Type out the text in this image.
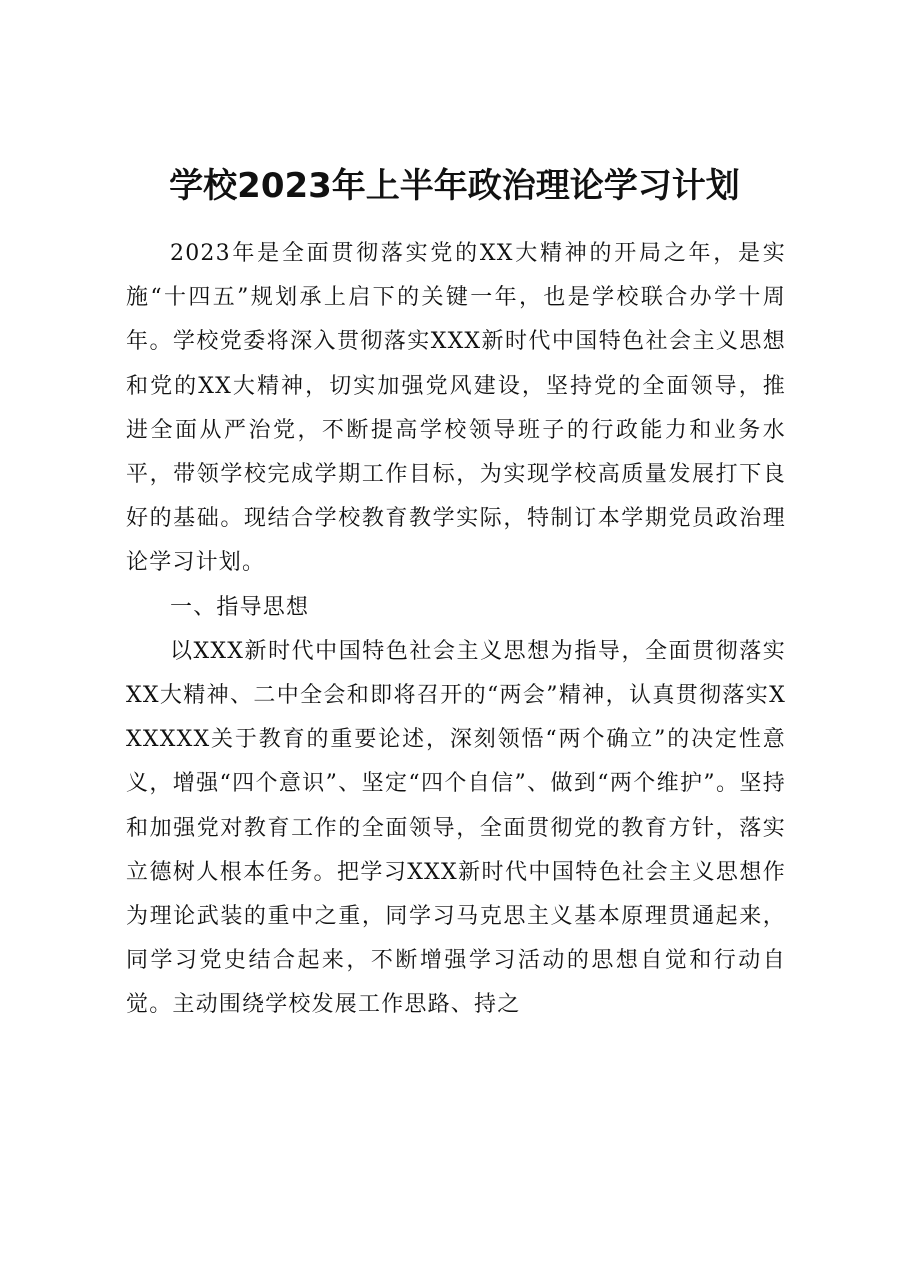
学校2023年上半年政治理论学习计划

2023年是全面贯彻落实党的XX大精神的开局之年，是实施“十四五”规划承上启下的关键一年，也是学校联合办学十周年。学校党委将深入贯彻落实XXX新时代中国特色社会主义思想和党的XX大精神，切实加强党风建设，坚持党的全面领导，推进全面从严治党，不断提高学校领导班子的行政能力和业务水平，带领学校完成学期工作目标，为实现学校高质量发展打下良好的基础。现结合学校教育教学实际，特制订本学期党员政治理论学习计划。

一、指导思想

以XXX新时代中国特色社会主义思想为指导，全面贯彻落实XX大精神、二中全会和即将召开的“两会”精神，认真贯彻落实XXXXXX关于教育的重要论述，深刻领悟“两个确立”的决定性意义，增强“四个意识”、坚定“四个自信”、做到“两个维护”。坚持和加强党对教育工作的全面领导，全面贯彻党的教育方针，落实立德树人根本任务。把学习XXX新时代中国特色社会主义思想作为理论武装的重中之重，同学习马克思主义基本原理贯通起来，同学习党史结合起来，不断增强学习活动的思想自觉和行动自觉。主动围绕学校发展工作思路、持之
